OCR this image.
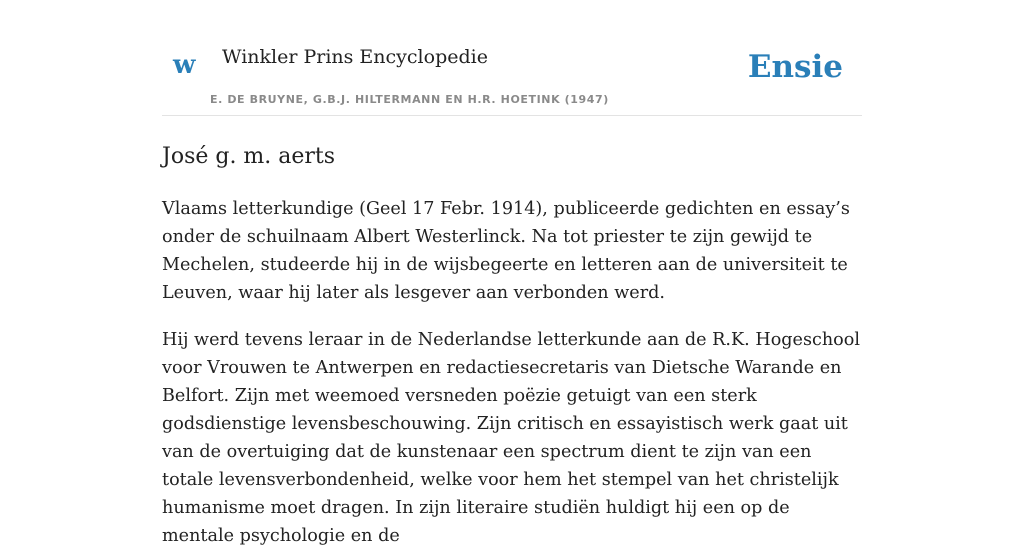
w Winkler Prins Encyclopedie
E. DE BRUYNE, G.B.J. HILTERMANN EN H.R. HOETINK (1947)
Ensie
José g. m. aerts

Vlaams letterkundige (Geel 17 Febr. 1914), publiceerde gedichten en essay’s onder de schuilnaam Albert Westerlinck. Na tot priester te zijn gewijd te Mechelen, studeerde hij in de wijsbegeerte en letteren aan de universiteit te Leuven, waar hij later als lesgever aan verbonden werd.

Hij werd tevens leraar in de Nederlandse letterkunde aan de R.K. Hogeschool voor Vrouwen te Antwerpen en redactiesecretaris van Dietsche Warande en Belfort. Zijn met weemoed versneden poëzie getuigt van een sterk godsdienstige levensbeschouwing. Zijn critisch en essayistisch werk gaat uit van de overtuiging dat de kunstenaar een spectrum dient te zijn van een totale levensverbondenheid, welke voor hem het stempel van het christelijk humanisme moet dragen. In zijn literaire studiën huldigt hij een op de mentale psychologie en de
